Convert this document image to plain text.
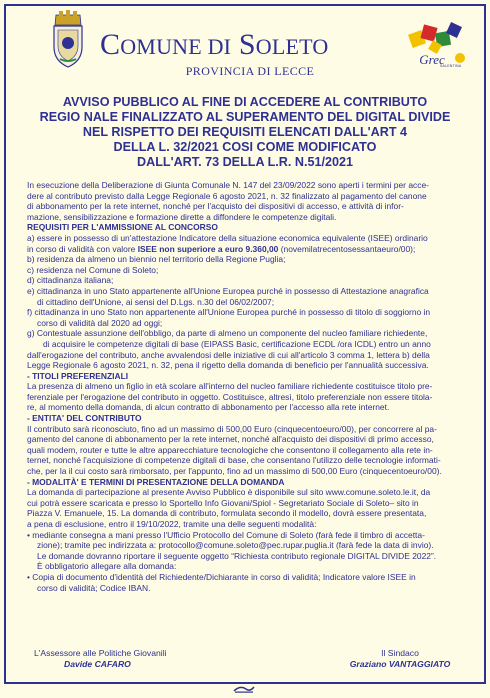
COMUNE DI SOLETO
PROVINCIA DI LECCE
Grec
SALENTINA
AVVISO PUBBLICO AL FINE DI ACCEDERE AL CONTRIBUTO
REGIO NALE FINALIZZATO AL SUPERAMENTO DEL DIGITAL DIVIDE
NEL RISPETTO DEI REQUISITI ELENCATI DALL'ART 4
DELLA L. 32/2021 COSI COME MODIFICATO
DALL'ART. 73 DELLA L.R. N.51/2021

In esecuzione della Deliberazione di Giunta Comunale N. 147 del 23/09/2022 sono aperti i termini per acce-

dere al contributo previsto dalla Legge Regionale 6 agosto 2021, n. 32 finalizzato al pagamento del canone

di abbonamento per la rete internet, nonché per l'acquisto dei dispositivi di accesso, e attività di infor-

mazione, sensibilizzazione e formazione dirette a diffondere le competenze digitali.

REQUISITI PER L'AMMISSIONE AL CONCORSO

a) essere in possesso di un'attestazione Indicatore della situazione economica equivalente (ISEE) ordinario

in corso di validità con valore ISEE non superiore a euro 9.360,00 (novemilatrecentosessantaeuro/00);

b) residenza da almeno un biennio nel territorio della Regione Puglia;

c) residenza nel Comune di Soleto;

d) cittadinanza italiana;

e) cittadinanza in uno Stato appartenente all'Unione Europea purché in possesso di Attestazione anagrafica

di cittadino dell'Unione, ai sensi del D.Lgs. n.30 del 06/02/2007;

f) cittadinanza in uno Stato non appartenente all'Unione Europea purché in possesso di titolo di soggiorno in

corso di validità dal 2020 ad oggi;

g) Contestuale assunzione dell'obbligo, da parte di almeno un componente del nucleo familiare richiedente,

di acquisire le competenze digitali di base (EIPASS Basic, certificazione ECDL /ora ICDL) entro un anno

dall'erogazione del contributo, anche avvalendosi delle iniziative di cui all'articolo 3 comma 1, lettera b) della

Legge Regionale 6 agosto 2021, n. 32, pena il rigetto della domanda di beneficio per l'annualità successiva.

- TITOLI PREFERENZIALI

La presenza di almeno un figlio in età scolare all'interno del nucleo familiare richiedente costituisce titolo pre-

ferenziale per l'erogazione del contributo in oggetto. Costituisce, altresì, titolo preferenziale non essere titola-

re, al momento della domanda, di alcun contratto di abbonamento per l'accesso alla rete internet.

- ENTITA' DEL CONTRIBUTO

Il contributo sarà riconosciuto, fino ad un massimo di 500,00 Euro (cinquecentoeuro/00), per concorrere al pa-

gamento del canone di abbonamento per la rete internet, nonché all'acquisto dei dispositivi di primo accesso,

quali modem, router e tutte le altre apparecchiature tecnologiche che consentono il collegamento alla rete in-

ternet, nonché l'acquisizione di competenze digitali di base, che consentano l'utilizzo delle tecnologie informati-

che, per la il cui costo sarà rimborsato, per l'appunto, fino ad un massimo di 500,00 Euro (cinquecentoeuro/00).

- MODALITÀ' E TERMINI DI PRESENTAZIONE DELLA DOMANDA

La domanda di partecipazione al presente Avviso Pubblico è disponibile sul sito www.comune.soleto.le.it, da

cui potrà essere scaricata e presso lo Sportello Info Giovani/Spiol - Segretariato Sociale di Soleto– sito in

Piazza V. Emanuele, 15. La domanda di contributo, formulata secondo il modello, dovrà essere presentata,

a pena di esclusione, entro il 19/10/2022, tramite una delle seguenti modalità:

• mediante consegna a mani presso l'Ufficio Protocollo del Comune di Soleto (farà fede il timbro di accetta-

zione); tramite pec indirizzata a: protocollo@comune.soleto@pec.rupar.puglia.it (farà fede la data di invio).

Le domande dovranno riportare il seguente oggetto “Richiesta contributo regionale DIGITAL DIVIDE 2022”.

È obbligatorio allegare alla domanda:

• Copia di documento d'identità del Richiedente/Dichiarante in corso di validità; Indicatore valore ISEE in

corso di validità; Codice IBAN.

L'Assessore alle Politiche Giovanili
Davide CAFARO
Il Sindaco
Graziano VANTAGGIATO
